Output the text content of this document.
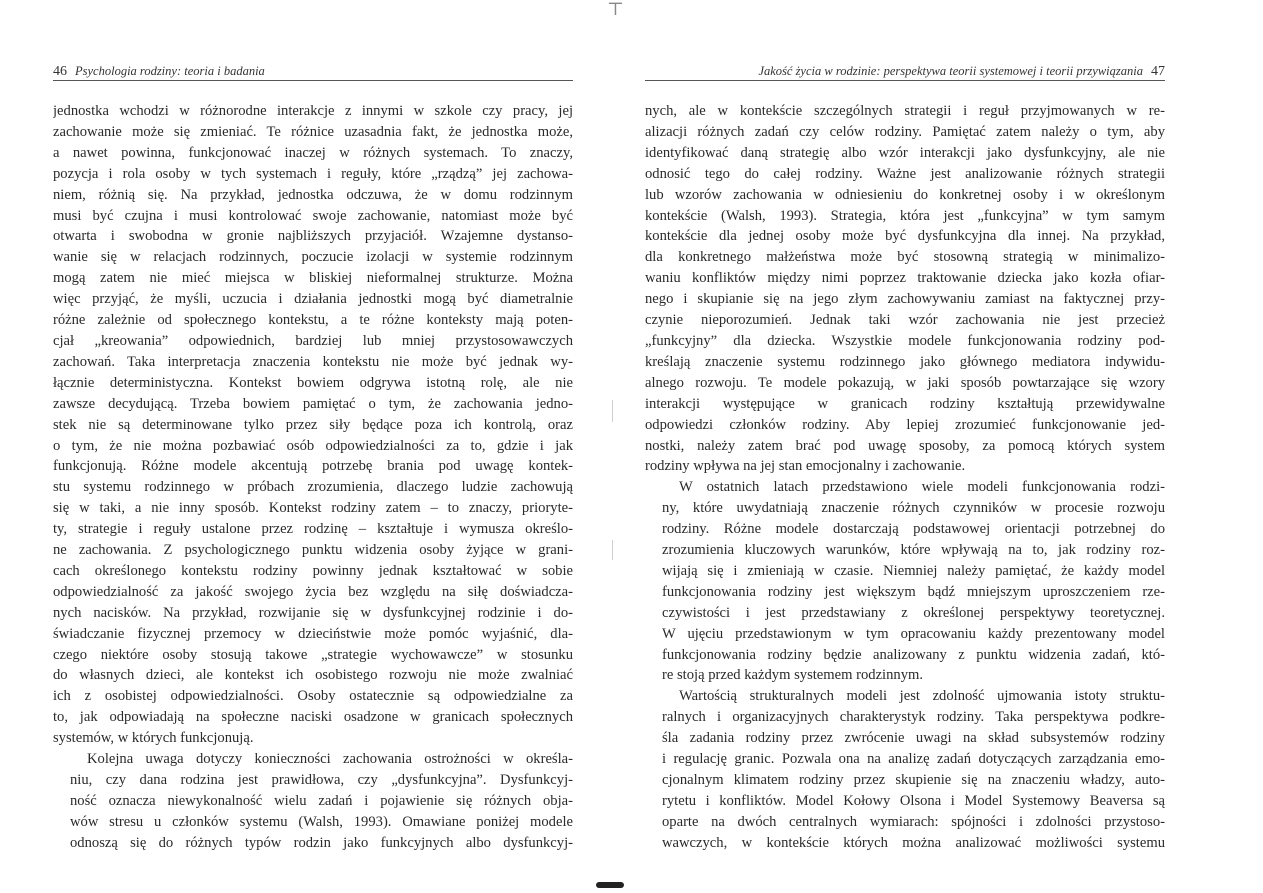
⊤
46 Psychologia rodziny: teoria i badania

jednostka wchodzi w różnorodne interakcje z innymi w szkole czy pracy, jej
zachowanie może się zmieniać. Te różnice uzasadnia fakt, że jednostka może,
a nawet powinna, funkcjonować inaczej w różnych systemach. To znaczy,
pozycja i rola osoby w tych systemach i reguły, które „rządzą” jej zachowa-
niem, różnią się. Na przykład, jednostka odczuwa, że w domu rodzinnym
musi być czujna i musi kontrolować swoje zachowanie, natomiast może być
otwarta i swobodna w gronie najbliższych przyjaciół. Wzajemne dystanso-
wanie się w relacjach rodzinnych, poczucie izolacji w systemie rodzinnym
mogą zatem nie mieć miejsca w bliskiej nieformalnej strukturze. Można
więc przyjąć, że myśli, uczucia i działania jednostki mogą być diametralnie
różne zależnie od społecznego kontekstu, a te różne konteksty mają poten-
cjał „kreowania” odpowiednich, bardziej lub mniej przystosowawczych
zachowań. Taka interpretacja znaczenia kontekstu nie może być jednak wy-
łącznie deterministyczna. Kontekst bowiem odgrywa istotną rolę, ale nie
zawsze decydującą. Trzeba bowiem pamiętać o tym, że zachowania jedno-
stek nie są determinowane tylko przez siły będące poza ich kontrolą, oraz
o tym, że nie można pozbawiać osób odpowiedzialności za to, gdzie i jak
funkcjonują. Różne modele akcentują potrzebę brania pod uwagę kontek-
stu systemu rodzinnego w próbach zrozumienia, dlaczego ludzie zachowują
się w taki, a nie inny sposób. Kontekst rodziny zatem – to znaczy, prioryte-
ty, strategie i reguły ustalone przez rodzinę – kształtuje i wymusza określo-
ne zachowania. Z psychologicznego punktu widzenia osoby żyjące w grani-
cach określonego kontekstu rodziny powinny jednak kształtować w sobie
odpowiedzialność za jakość swojego życia bez względu na siłę doświadcza-
nych nacisków. Na przykład, rozwijanie się w dysfunkcyjnej rodzinie i do-
świadczanie fizycznej przemocy w dzieciństwie może pomóc wyjaśnić, dla-
czego niektóre osoby stosują takowe „strategie wychowawcze” w stosunku
do własnych dzieci, ale kontekst ich osobistego rozwoju nie może zwalniać
ich z osobistej odpowiedzialności. Osoby ostatecznie są odpowiedzialne za
to, jak odpowiadają na społeczne naciski osadzone w granicach społecznych
systemów, w których funkcjonują.

Kolejna uwaga dotyczy konieczności zachowania ostrożności w określa-
niu, czy dana rodzina jest prawidłowa, czy „dysfunkcyjna”. Dysfunkcyj-
ność oznacza niewykonalność wielu zadań i pojawienie się różnych obja-
wów stresu u członków systemu (Walsh, 1993). Omawiane poniżej modele
odnoszą się do różnych typów rodzin jako funkcyjnych albo dysfunkcyj-

Jakość życia w rodzinie: perspektywa teorii systemowej i teorii przywiązania 47

nych, ale w kontekście szczególnych strategii i reguł przyjmowanych w re-
alizacji różnych zadań czy celów rodziny. Pamiętać zatem należy o tym, aby
identyfikować daną strategię albo wzór interakcji jako dysfunkcyjny, ale nie
odnosić tego do całej rodziny. Ważne jest analizowanie różnych strategii
lub wzorów zachowania w odniesieniu do konkretnej osoby i w określonym
kontekście (Walsh, 1993). Strategia, która jest „funkcyjna” w tym samym
kontekście dla jednej osoby może być dysfunkcyjna dla innej. Na przykład,
dla konkretnego małżeństwa może być stosowną strategią w minimalizo-
waniu konfliktów między nimi poprzez traktowanie dziecka jako kozła ofiar-
nego i skupianie się na jego złym zachowywaniu zamiast na faktycznej przy-
czynie nieporozumień. Jednak taki wzór zachowania nie jest przecież
„funkcyjny” dla dziecka. Wszystkie modele funkcjonowania rodziny pod-
kreślają znaczenie systemu rodzinnego jako głównego mediatora indywidu-
alnego rozwoju. Te modele pokazują, w jaki sposób powtarzające się wzory
interakcji występujące w granicach rodziny kształtują przewidywalne
odpowiedzi członków rodziny. Aby lepiej zrozumieć funkcjonowanie jed-
nostki, należy zatem brać pod uwagę sposoby, za pomocą których system
rodziny wpływa na jej stan emocjonalny i zachowanie.

W ostatnich latach przedstawiono wiele modeli funkcjonowania rodzi-
ny, które uwydatniają znaczenie różnych czynników w procesie rozwoju
rodziny. Różne modele dostarczają podstawowej orientacji potrzebnej do
zrozumienia kluczowych warunków, które wpływają na to, jak rodziny roz-
wijają się i zmieniają w czasie. Niemniej należy pamiętać, że każdy model
funkcjonowania rodziny jest większym bądź mniejszym uproszczeniem rze-
czywistości i jest przedstawiany z określonej perspektywy teoretycznej.
W ujęciu przedstawionym w tym opracowaniu każdy prezentowany model
funkcjonowania rodziny będzie analizowany z punktu widzenia zadań, któ-
re stoją przed każdym systemem rodzinnym.

Wartością strukturalnych modeli jest zdolność ujmowania istoty struktu-
ralnych i organizacyjnych charakterystyk rodziny. Taka perspektywa podkre-
śla zadania rodziny przez zwrócenie uwagi na skład subsystemów rodziny
i regulację granic. Pozwala ona na analizę zadań dotyczących zarządzania emo-
cjonalnym klimatem rodziny przez skupienie się na znaczeniu władzy, auto-
rytetu i konfliktów. Model Kołowy Olsona i Model Systemowy Beaversa są
oparte na dwóch centralnych wymiarach: spójności i zdolności przystoso-
wawczych, w kontekście których można analizować możliwości systemu
